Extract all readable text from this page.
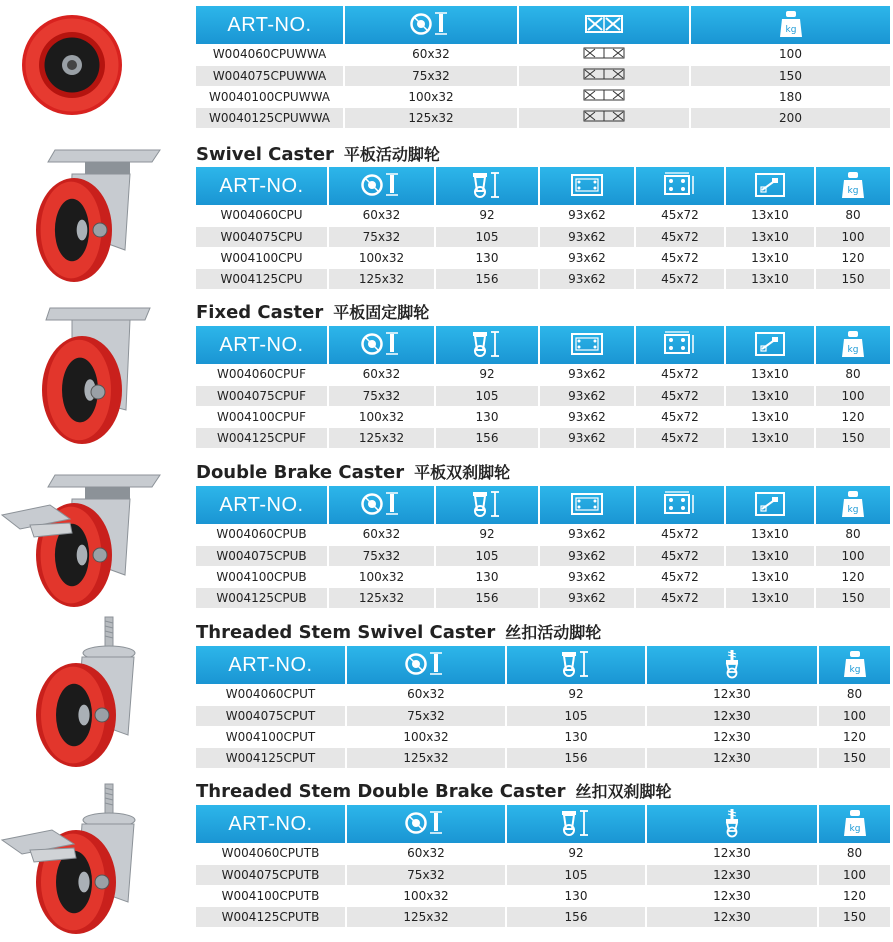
ART-NO.			kg

W004060CPUWWA	60x32		100
W004075CPUWWA	75x32		150
W0040100CPUWWA	100x32		180
W0040125CPUWWA	125x32		200
Swivel Caster 平板活动脚轮
ART-NO.						kg

W004060CPU	60x32	92	93x62	45x72	13x10	80
W004075CPU	75x32	105	93x62	45x72	13x10	100
W004100CPU	100x32	130	93x62	45x72	13x10	120
W004125CPU	125x32	156	93x62	45x72	13x10	150
Fixed Caster 平板固定脚轮
ART-NO.						kg

W004060CPUF	60x32	92	93x62	45x72	13x10	80
W004075CPUF	75x32	105	93x62	45x72	13x10	100
W004100CPUF	100x32	130	93x62	45x72	13x10	120
W004125CPUF	125x32	156	93x62	45x72	13x10	150
Double Brake Caster 平板双刹脚轮
ART-NO.						kg

W004060CPUB	60x32	92	93x62	45x72	13x10	80
W004075CPUB	75x32	105	93x62	45x72	13x10	100
W004100CPUB	100x32	130	93x62	45x72	13x10	120
W004125CPUB	125x32	156	93x62	45x72	13x10	150
Threaded Stem Swivel Caster 丝扣活动脚轮
ART-NO.				kg

W004060CPUT	60x32	92	12x30	80
W004075CPUT	75x32	105	12x30	100
W004100CPUT	100x32	130	12x30	120
W004125CPUT	125x32	156	12x30	150
Threaded Stem Double Brake Caster 丝扣双刹脚轮
ART-NO.				kg

W004060CPUTB	60x32	92	12x30	80
W004075CPUTB	75x32	105	12x30	100
W004100CPUTB	100x32	130	12x30	120
W004125CPUTB	125x32	156	12x30	150
